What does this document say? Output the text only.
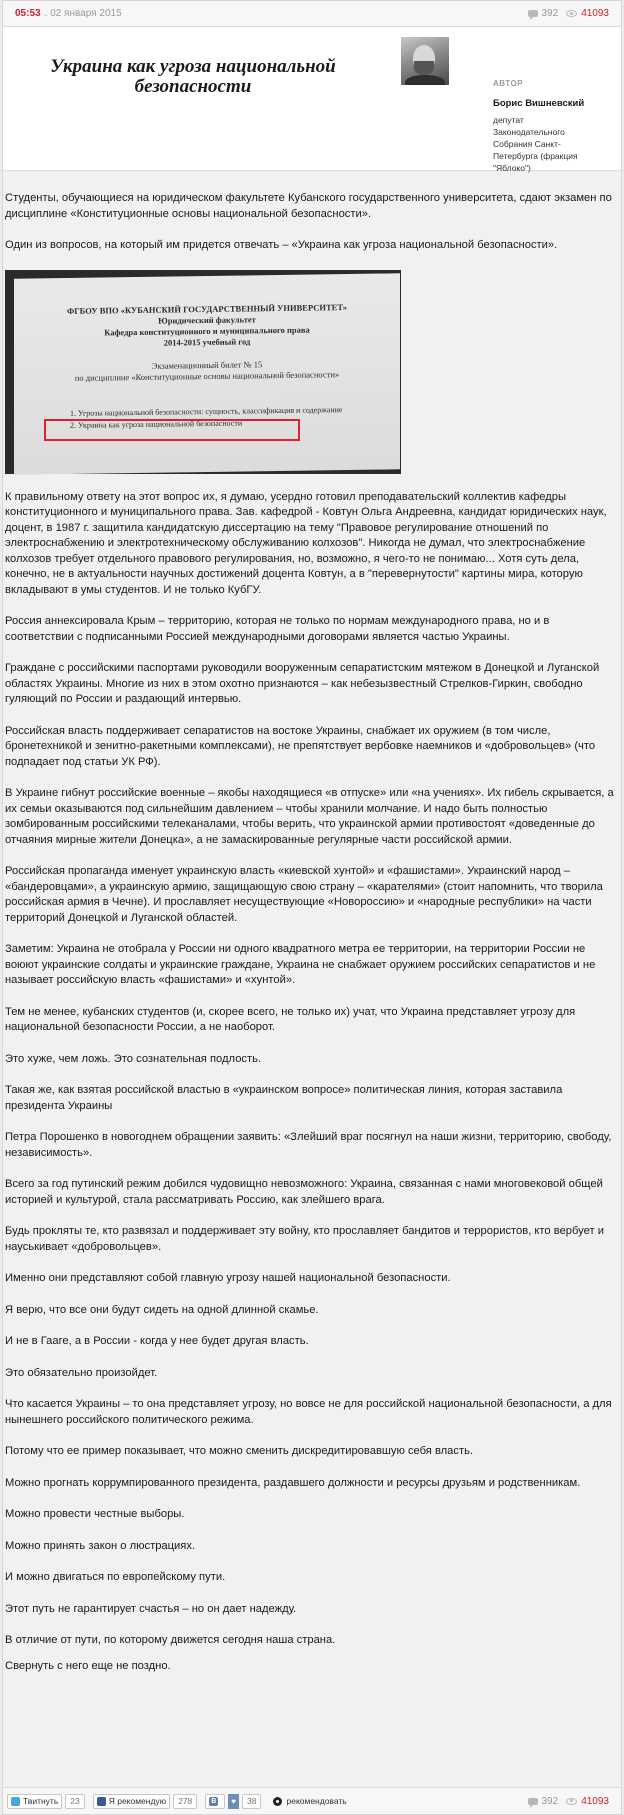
05:53 . 02 января 2015	392 41093
Украина как угроза национальной безопасности	АВТОР
Борис Вишневский
депутат Законодательного Собрания Санкт-Петербурга (фракция "Яблоко")

Студенты, обучающиеся на юридическом факультете Кубанского государственного университета, сдают экзамен по дисциплине «Конституционные основы национальной безопасности».

Один из вопросов, на который им придется отвечать – «Украина как угроза национальной безопасности».

ФГБОУ ВПО «КУБАНСКИЙ ГОСУДАРСТВЕННЫЙ УНИВЕРСИТЕТ»
Юридический факультет
Кафедра конституционного и муниципального права
2014-2015 учебный год
Экзаменационный билет № 15
по дисциплине «Конституционные основы национальной безопасности»
1. Угрозы национальной безопасности: сущность, классификация и содержание
2. Украина как угроза национальной безопасности

К правильному ответу на этот вопрос их, я думаю, усердно готовил преподавательский коллектив кафедры конституционного и муниципального права. Зав. кафедрой - Ковтун Ольга Андреевна, кандидат юридических наук, доцент, в 1987 г. защитила кандидатскую диссертацию на тему "Правовое регулирование отношений по электроснабжению и электротехническому обслуживанию колхозов". Никогда не думал, что электроснабжение колхозов требует отдельного правового регулирования, но, возможно, я чего-то не понимаю... Хотя суть дела, конечно, не в актуальности научных достижений доцента Ковтун, а в "перевернутости" картины мира, которую вкладывают в умы студентов. И не только КубГУ.

Россия аннексировала Крым – территорию, которая не только по нормам международного права, но и в соответствии с подписанными Россией международными договорами является частью Украины.

Граждане с российскими паспортами руководили вооруженным сепаратистским мятежом в Донецкой и Луганской областях Украины. Многие из них в этом охотно признаются – как небезызвестный Стрелков-Гиркин, свободно гуляющий по России и раздающий интервью.

Российская власть поддерживает сепаратистов на востоке Украины, снабжает их оружием (в том числе, бронетехникой и зенитно-ракетными комплексами), не препятствует вербовке наемников и «добровольцев» (что подпадает под статьи УК РФ).

В Украине гибнут российские военные – якобы находящиеся «в отпуске» или «на учениях». Их гибель скрывается, а их семьи оказываются под сильнейшим давлением – чтобы хранили молчание. И надо быть полностью зомбированным российскими телеканалами, чтобы верить, что украинской армии противостоят «доведенные до отчаяния мирные жители Донецка», а не замаскированные регулярные части российской армии.

Российская пропаганда именует украинскую власть «киевской хунтой» и «фашистами». Украинский народ – «бандеровцами», а украинскую армию, защищающую свою страну – «карателями» (стоит напомнить, что творила российская армия в Чечне). И прославляет несуществующие «Новороссию» и «народные республики» на части территорий Донецкой и Луганской областей.

Заметим: Украина не отобрала у России ни одного квадратного метра ее территории, на территории России не воюют украинские солдаты и украинские граждане, Украина не снабжает оружием российских сепаратистов и не называет российскую власть «фашистами» и «хунтой».

Тем не менее, кубанских студентов (и, скорее всего, не только их) учат, что Украина представляет угрозу для национальной безопасности России, а не наоборот.

Это хуже, чем ложь. Это сознательная подлость.

Такая же, как взятая российской властью в «украинском вопросе» политическая линия, которая заставила президента Украины

Петра Порошенко в новогоднем обращении заявить: «Злейший враг посягнул на наши жизни, территорию, свободу, независимость».

Всего за год путинский режим добился чудовищно невозможного: Украина, связанная с нами многовековой общей историей и культурой, стала рассматривать Россию, как злейшего врага.

Будь прокляты те, кто развязал и поддерживает эту войну, кто прославляет бандитов и террористов, кто вербует и науськивает «добровольцев».

Именно они представляют собой главную угрозу нашей национальной безопасности.

Я верю, что все они будут сидеть на одной длинной скамье.

И не в Гааге, а в России - когда у нее будет другая власть.

Это обязательно произойдет.

Что касается Украины – то она представляет угрозу, но вовсе не для российской национальной безопасности, а для нынешнего российского политического режима.

Потому что ее пример показывает, что можно сменить дискредитировавшую себя власть.

Можно прогнать коррумпированного президента, раздавшего должности и ресурсы друзьям и родственникам.

Можно провести честные выборы.

Можно принять закон о люстрациях.

И можно двигаться по европейскому пути.

Этот путь не гарантирует счастья – но он дает надежду.

В отличие от пути, по которому движется сегодня наша страна.

Свернуть с него еще не поздно.

Твитнуть	23	Я рекомендую	278	В	♥	38	рекомендовать	392 41093
